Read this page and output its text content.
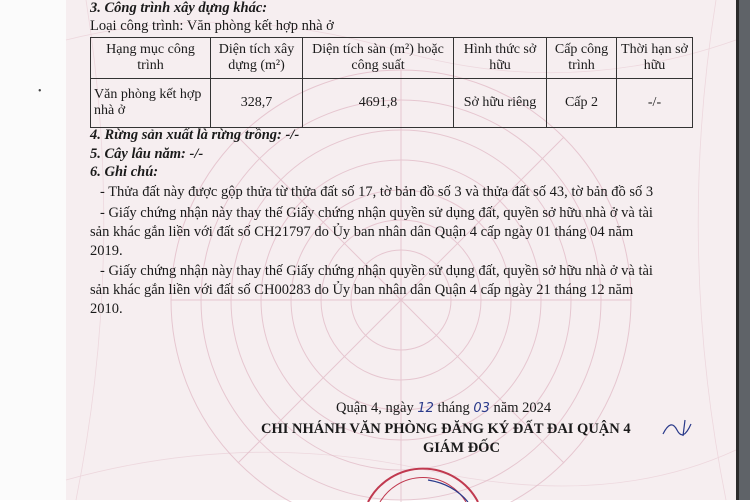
3. Công trình xây dựng khác:
Loại công trình: Văn phòng kết hợp nhà ở
Hạng mục công trình	Diện tích xây dựng (m²)	Diện tích sàn (m²) hoặc công suất	Hình thức sở hữu	Cấp công trình	Thời hạn sở hữu
Văn phòng kết hợp nhà ở	328,7	4691,8	Sở hữu riêng	Cấp 2	-/-
4. Rừng sản xuất là rừng trồng: -/-
5. Cây lâu năm: -/-
6. Ghi chú:
- Thửa đất này được gộp thửa từ thửa đất số 17, tờ bản đồ số 3 và thửa đất số 43, tờ bản đồ số 3
- Giấy chứng nhận này thay thế Giấy chứng nhận quyền sử dụng đất, quyền sở hữu nhà ở và tài
sản khác gắn liền với đất số CH21797 do Ủy ban nhân dân Quận 4 cấp ngày 01 tháng 04 năm
2019.
- Giấy chứng nhận này thay thế Giấy chứng nhận quyền sử dụng đất, quyền sở hữu nhà ở và tài
sản khác gắn liền với đất số CH00283 do Ủy ban nhân dân Quận 4 cấp ngày 21 tháng 12 năm
2010.
Quận 4, ngày 12 tháng 03 năm 2024
CHI NHÁNH VĂN PHÒNG ĐĂNG KÝ ĐẤT ĐAI QUẬN 4
GIÁM ĐỐC
•
